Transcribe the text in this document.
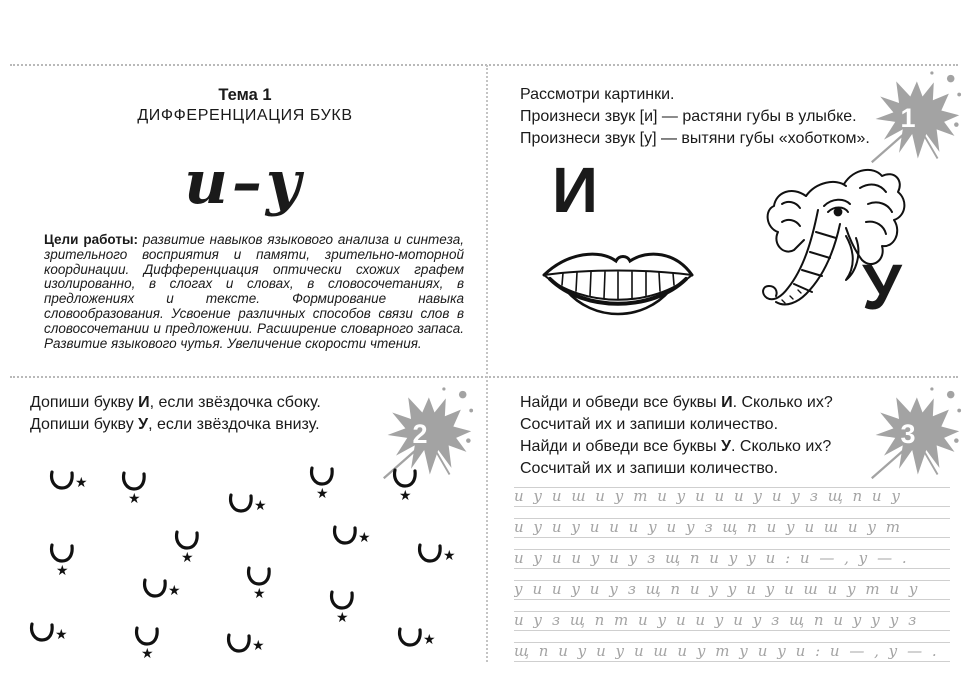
Тема 1
ДИФФЕРЕНЦИАЦИЯ БУКВ
и–у

Цели работы: развитие навыков языкового анализа и синтеза, зрительного восприятия и памяти, зрительно-моторной координации. Дифференциация оптически схожих графем изолированно, в слогах и словах, в словосочетаниях, в предложениях и тексте. Формирование навыка словообразования. Усвоение различных способов связи слов в словосочетании и предложении. Расширение словарного запаса. Развитие языкового чутья. Увеличение скорости чтения.

Рассмотри картинки.
Произнеси звук [и] — растяни губы в улыбке.
Произнеси звук [у] — вытяни губы «хоботком».
1
И
У
Допиши букву И, если звёздочка сбоку.
Допиши букву У, если звёздочка внизу.	2
★
★	★	★
★
★
★
★
★
★	★
★
★
★	★	★
Найди и обведи все буквы И. Сколько их?
Сосчитай их и запиши количество.
Найди и обведи все буквы У. Сколько их?
Сосчитай их и запиши количество.
3
и у и ш и у т и у и и и у и у з щ п и у
и у и у и и и у и у з щ п и у и ш и у т
и у и и у и у з щ п и у у и : и — , у — .
у и и у и у з щ п и у у и у и ш и у т и у
и у з щ п т и у и и у и у з щ п и у у у з
щ п и у и у и ш и у т у и у и : и — , у — .
